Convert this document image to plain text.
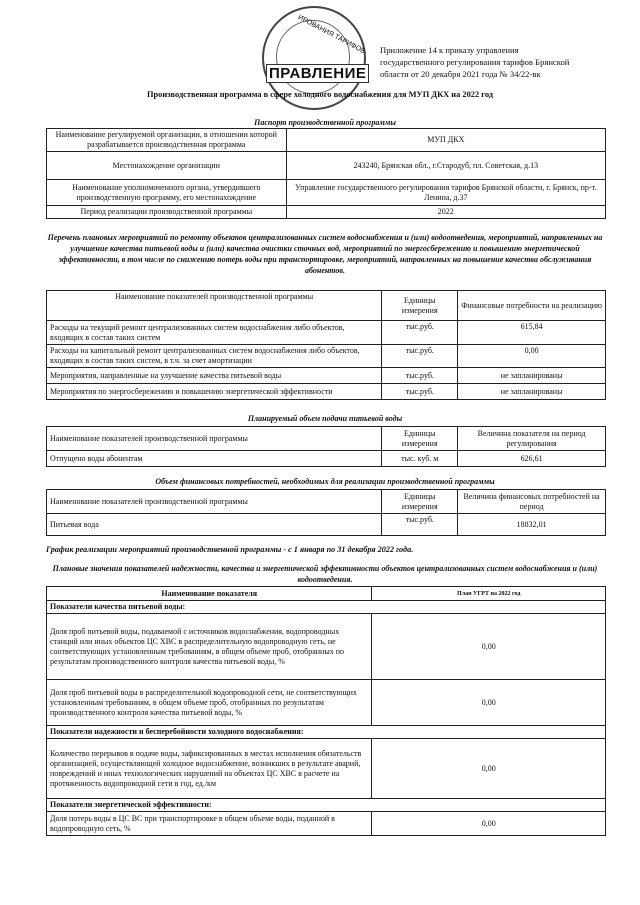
ИРОВАНИЯ ТАРИФОВ
ПРАВЛЕНИЕ
Приложение 14 к приказу управления
государственного регулирования тарифов Брянской
области от 20 декабря 2021 года № 34/22-вк
Производственная программа в сфере холодного водоснабжения для МУП ДКХ на 2022 год
Паспорт производственной программы
Наименование регулируемой организации, в отношении которой разрабатывается производственная программа	МУП ДКХ
Местонахождение организации	243240, Брянская обл., г.Стародуб, пл. Советская, д.13
Наименование уполномоченного органа, утвердившего производственную программу, его местонахождение	Управление государственного регулирования тарифов Брянской области, г. Брянск, пр-т. Ленина, д.37
Период реализации производственной программы	2022
Перечень плановых мероприятий по ремонту объектов централизованных систем водоснабжения и (или) водоотведения, мероприятий, направленных на улучшение качества питьевой воды и (или) качества очистки сточных вод, мероприятий по энергосбережению и повышению энергетической эффективности, в том числе по снижению потерь воды при транспортировке, мероприятий, направленных на повышение качества обслуживания абонентов.
Наименование показателей производственной программы	Единицы измерения	Финансовые потребности на реализацию
Расходы на текущий ремонт централизованных систем водоснабжения либо объектов, входящих в состав таких систем	тыс.руб.	615,84
Расходы на капитальный ремонт централизованных систем водоснабжения либо объектов, входящих в состав таких систем, в т.ч. за счет амортизации	тыс.руб.	0,00
Мероприятия, направленные на улучшение качества питьевой воды	тыс.руб.	не запланированы
Мероприятия по энергосбережению и повышению энергетической эффективности	тыс.руб.	не запланированы
Планируемый объем подачи питьевой воды
Наименование показателей производственной программы	Единицы измерения	Величина показателя на период регулирования
Отпущено воды абонентам	тыс. куб. м	626,61
Объем финансовых потребностей, необходимых для реализации производственной программы
Наименование показателей производственной программы	Единицы измерения	Величина финансовых потребностей на период
Питьевая вода	тыс.руб.	18832,01
График реализации мероприятий производственной программы - с 1 января по 31 декабря 2022 года.
Плановые значения показателей надежности, качества и энергетической эффективности объектов централизованных систем водоснабжения и (или) водоотведения.
Наименование показателя	План УГРТ на 2022 год
Показатели качества питьевой воды:	
Доля проб питьевой воды, подаваемой с источников водоснабжения, водопроводных станций или иных объектов ЦС ХВС в распределительную водопроводную сеть, не соответствующих установленным требованиям, в общем объеме проб, отобранных по результатам производственного контроля качества питьевой воды, %	0,00
Доля проб питьевой воды в распределительной водопроводной сети, не соответствующих установленным требованиям, в общем объеме проб, отобранных по результатам производственного контроля качества питьевой воды, %	0,00
Показатели надежности и бесперебойности холодного водоснабжения:	
Количество перерывов в подаче воды, зафиксированных в местах исполнения обязательств организацией, осуществляющей холодное водоснабжение, возникших в результате аварий, повреждений и иных технологических нарушений на объектах ЦС ХВС в расчете на протяженность водопроводной сети в год, ед./км	0,00
Показатели энергетической эффективности:	
Доля потерь воды в ЦС ВС при транспортировке в общем объеме воды, поданной в водопроводную сеть, %	0,00
